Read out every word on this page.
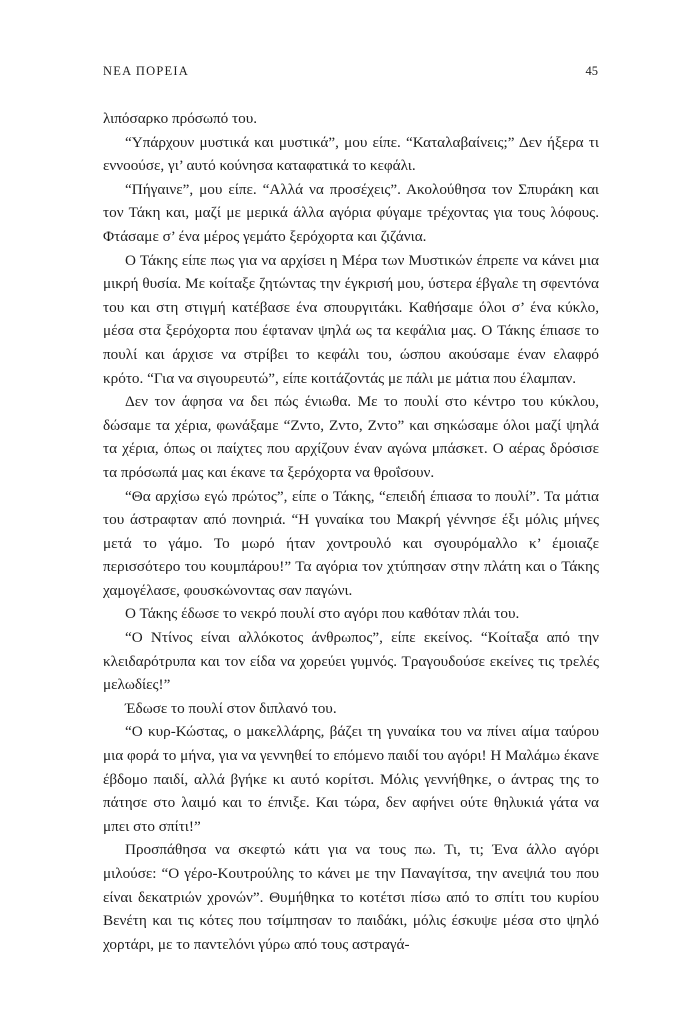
ΝΕΑ ΠΟΡΕΙΑ	45

λιπόσαρκο πρόσωπό του.

“Υπάρχουν μυστικά και μυστικά”, μου είπε. “Καταλαβαίνεις;” Δεν ήξερα τι εννοούσε, γι’ αυτό κούνησα καταφατικά το κεφάλι.

“Πήγαινε”, μου είπε. “Αλλά να προσέχεις”. Ακολούθησα τον Σπυράκη και τον Τάκη και, μαζί με μερικά άλλα αγόρια φύγαμε τρέχοντας για τους λόφους. Φτάσαμε σ’ ένα μέρος γεμάτο ξερόχορτα και ζιζάνια.

Ο Τάκης είπε πως για να αρχίσει η Μέρα των Μυστικών έπρεπε να κάνει μια μικρή θυσία. Με κοίταξε ζητώντας την έγκρισή μου, ύστερα έβγαλε τη σφεντόνα του και στη στιγμή κατέβασε ένα σπουργιτάκι. Καθήσαμε όλοι σ’ ένα κύκλο, μέσα στα ξερόχορτα που έφταναν ψηλά ως τα κεφάλια μας. Ο Τάκης έπιασε το πουλί και άρχισε να στρίβει το κεφάλι του, ώσπου ακούσαμε έναν ελαφρό κρότο. “Για να σιγουρευτώ”, είπε κοιτάζοντάς με πάλι με μάτια που έλαμπαν.

Δεν τον άφησα να δει πώς ένιωθα. Με το πουλί στο κέντρο του κύκλου, δώσαμε τα χέρια, φωνάξαμε “Ζντο, Ζντο, Ζντο” και σηκώσαμε όλοι μαζί ψηλά τα χέρια, όπως οι παίχτες που αρχίζουν έναν αγώνα μπάσκετ. Ο αέρας δρόσισε τα πρόσωπά μας και έκανε τα ξερόχορτα να θροΐσουν.

“Θα αρχίσω εγώ πρώτος”, είπε ο Τάκης, “επειδή έπιασα το πουλί”. Τα μάτια του άστραφταν από πονηριά. “Η γυναίκα του Μακρή γέννησε έξι μόλις μήνες μετά το γάμο. Το μωρό ήταν χοντρουλό και σγουρόμαλλο κ’ έμοιαζε περισσότερο του κουμπάρου!” Τα αγόρια τον χτύπησαν στην πλάτη και ο Τάκης χαμογέλασε, φουσκώνοντας σαν παγώνι.

Ο Τάκης έδωσε το νεκρό πουλί στο αγόρι που καθόταν πλάι του.

“Ο Ντίνος είναι αλλόκοτος άνθρωπος”, είπε εκείνος. “Κοίταξα από την κλειδαρότρυπα και τον είδα να χορεύει γυμνός. Τραγουδούσε εκείνες τις τρελές μελωδίες!”

Έδωσε το πουλί στον διπλανό του.

“Ο κυρ-Κώστας, ο μακελλάρης, βάζει τη γυναίκα του να πίνει αίμα ταύρου μια φορά το μήνα, για να γεννηθεί το επόμενο παιδί του αγόρι! Η Μαλάμω έκανε έβδομο παιδί, αλλά βγήκε κι αυτό κορίτσι. Μόλις γεννήθηκε, ο άντρας της το πάτησε στο λαιμό και το έπνιξε. Και τώρα, δεν αφήνει ούτε θηλυκιά γάτα να μπει στο σπίτι!”

Προσπάθησα να σκεφτώ κάτι για να τους πω. Τι, τι; Ένα άλλο αγόρι μιλούσε: “Ο γέρο-Κουτρούλης το κάνει με την Παναγίτσα, την ανεψιά του που είναι δεκατριών χρονών”. Θυμήθηκα το κοτέτσι πίσω από το σπίτι του κυρίου Βενέτη και τις κότες που τσίμπησαν το παιδάκι, μόλις έσκυψε μέσα στο ψηλό χορτάρι, με το παντελόνι γύρω από τους αστραγά-
